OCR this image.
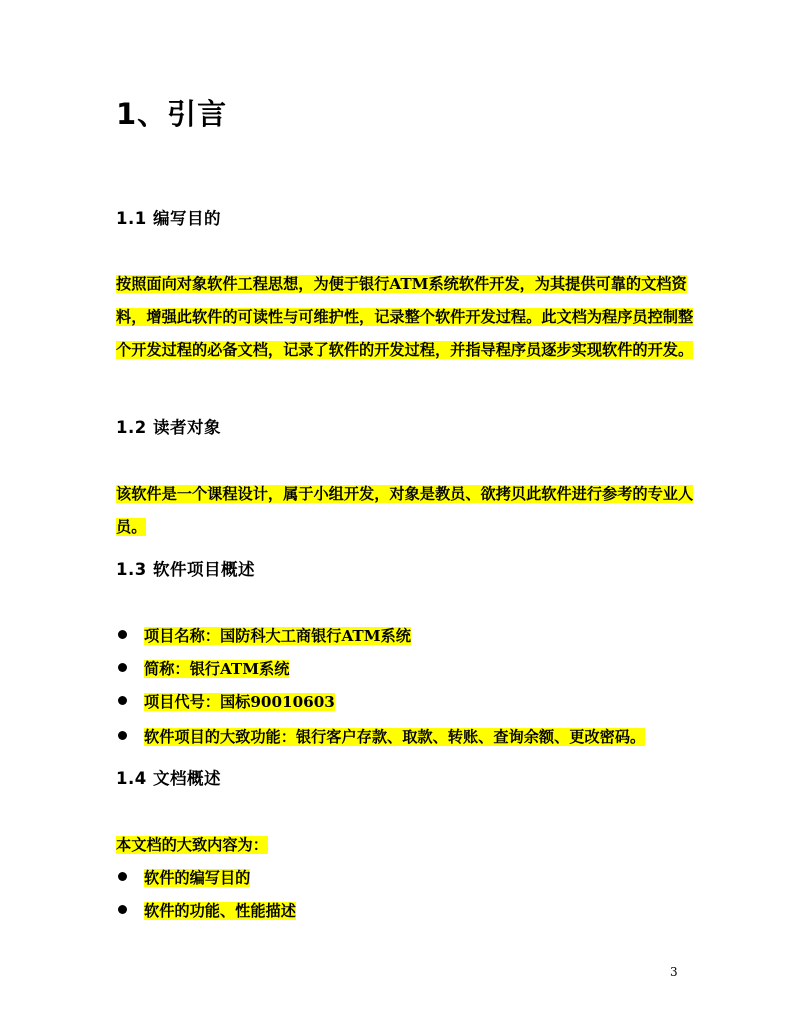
1、引言
1.1 编写目的
按照面向对象软件工程思想，为便于银行ATM系统软件开发，为其提供可靠的文档资料，增强此软件的可读性与可维护性，记录整个软件开发过程。此文档为程序员控制整个开发过程的必备文档，记录了软件的开发过程，并指导程序员逐步实现软件的开发。
1.2 读者对象
该软件是一个课程设计，属于小组开发，对象是教员、欲拷贝此软件进行参考的专业人员。
1.3 软件项目概述
项目名称：国防科大工商银行ATM系统
简称：银行ATM系统
项目代号：国标90010603
软件项目的大致功能：银行客户存款、取款、转账、查询余额、更改密码。
1.4 文档概述
本文档的大致内容为：
软件的编写目的
软件的功能、性能描述
3
